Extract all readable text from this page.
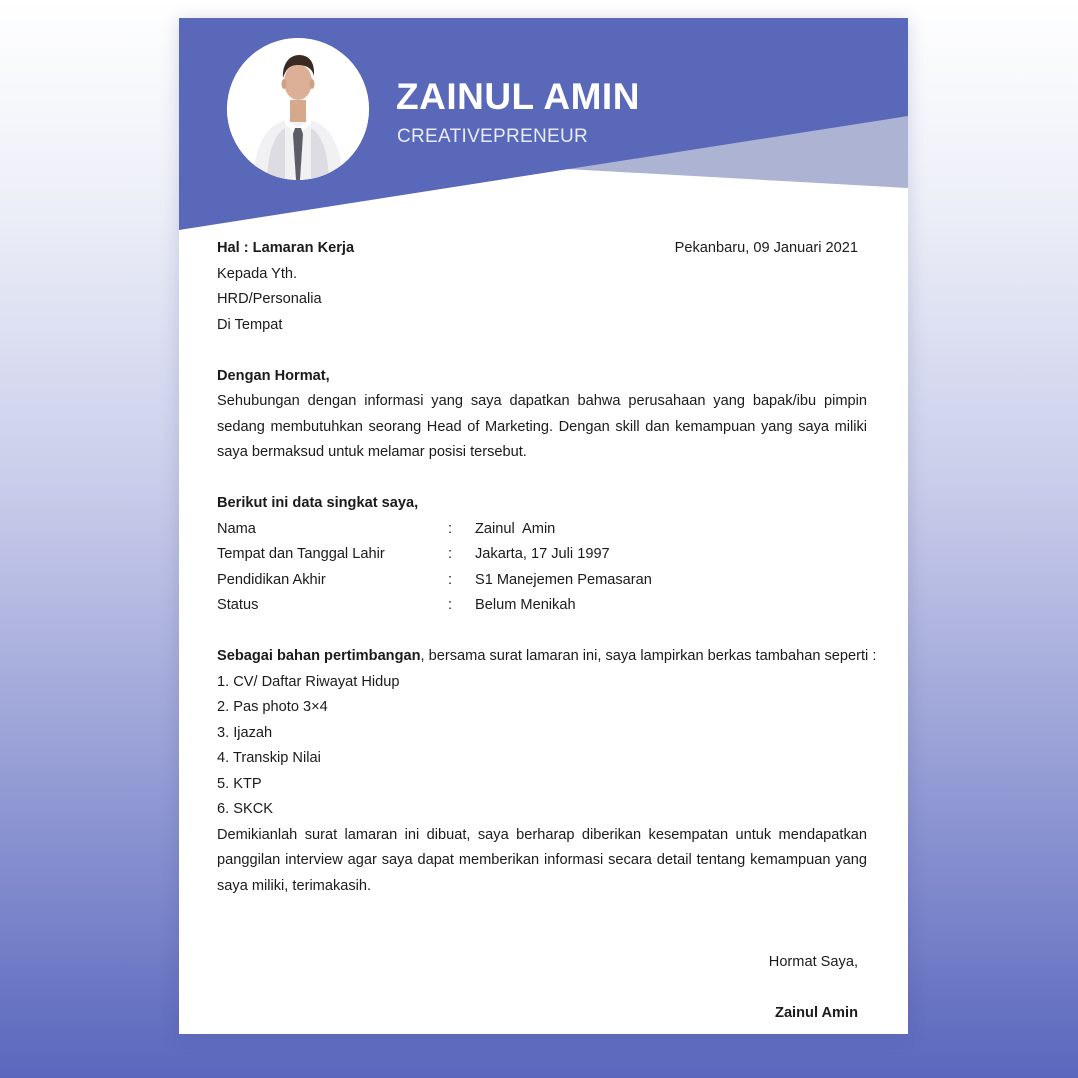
ZAINUL AMIN
CREATIVEPRENEUR
Hal : Lamaran Kerja	Pekanbaru, 09 Januari 2021
Kepada Yth.
HRD/Personalia
Di Tempat
Dengan Hormat,
Sehubungan dengan informasi yang saya dapatkan bahwa perusahaan yang bapak/ibu pimpin sedang membutuhkan seorang Head of Marketing. Dengan skill dan kemampuan yang saya miliki saya bermaksud untuk melamar posisi tersebut.
Berikut ini data singkat saya,
Nama	:	Zainul  Amin
Tempat dan Tanggal Lahir	:	Jakarta, 17 Juli 1997
Pendidikan Akhir	:	S1 Manejemen Pemasaran
Status	:	Belum Menikah
Sebagai bahan pertimbangan, bersama surat lamaran ini, saya lampirkan berkas tambahan seperti :
1. CV/ Daftar Riwayat Hidup
2. Pas photo 3×4
3. Ijazah
4. Transkip Nilai
5. KTP
6. SKCK
Demikianlah surat lamaran ini dibuat, saya berharap diberikan kesempatan untuk mendapatkan panggilan interview agar saya dapat memberikan informasi secara detail tentang kemampuan yang saya miliki, terimakasih.
Hormat Saya,
Zainul Amin
